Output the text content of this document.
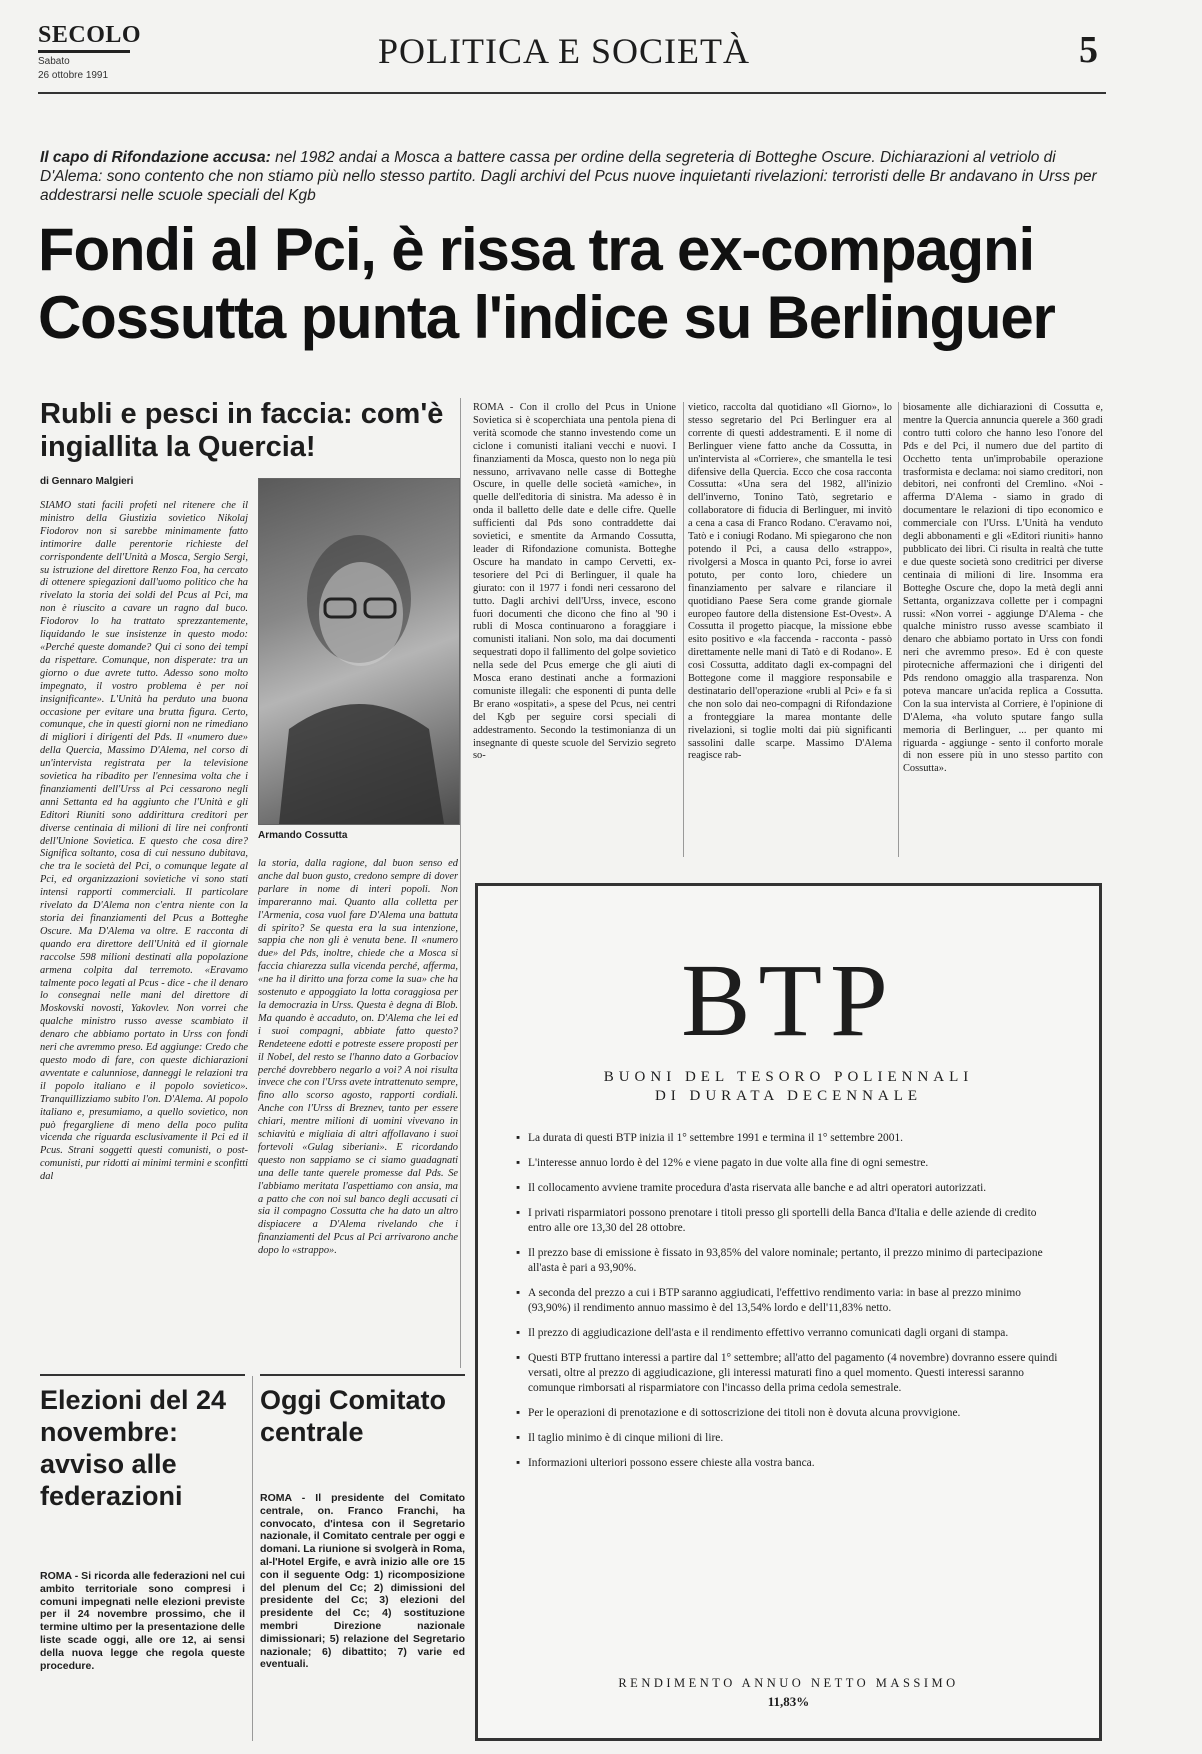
SECOLO
Sabato
26 ottobre 1991
POLITICA E SOCIETÀ	5
Il capo di Rifondazione accusa: nel 1982 andai a Mosca a battere cassa per ordine della segreteria di Botteghe Oscure. Dichiarazioni al vetriolo di D'Alema: sono contento che non stiamo più nello stesso partito. Dagli archivi del Pcus nuove inquietanti rivelazioni: terroristi delle Br andavano in Urss per addestrarsi nelle scuole speciali del Kgb
Fondi al Pci, è rissa tra ex-compagni
Cossutta punta l'indice su Berlinguer
Rubli e pesci in faccia: com'è ingiallita la Quercia!
di Gennaro Malgieri
SIAMO stati facili profeti nel ritenere che il ministro della Giustizia sovietico Nikolaj Fiodorov non si sarebbe minimamente fatto intimorire dalle perentorie richieste del corrispondente dell'Unità a Mosca, Sergio Sergi, su istruzione del direttore Renzo Foa, ha cercato di ottenere spiegazioni dall'uomo politico che ha rivelato la storia dei soldi del Pcus al Pci, ma non è riuscito a cavare un ragno dal buco. Fiodorov lo ha trattato sprezzantemente, liquidando le sue insistenze in questo modo: «Perché queste domande? Qui ci sono dei tempi da rispettare. Comunque, non disperate: tra un giorno o due avrete tutto. Adesso sono molto impegnato, il vostro problema è per noi insignificante». L'Unità ha perduto una buona occasione per evitare una brutta figura. Certo, comunque, che in questi giorni non ne rimediano di migliori i dirigenti del Pds. Il «numero due» della Quercia, Massimo D'Alema, nel corso di un'intervista registrata per la televisione sovietica ha ribadito per l'ennesima volta che i finanziamenti dell'Urss al Pci cessarono negli anni Settanta ed ha aggiunto che l'Unità e gli Editori Riuniti sono addirittura creditori per diverse centinaia di milioni di lire nei confronti dell'Unione Sovietica. E questo che cosa dire? Significa soltanto, cosa di cui nessuno dubitava, che tra le società del Pci, o comunque legate al Pci, ed organizzazioni sovietiche vi sono stati intensi rapporti commerciali. Il particolare rivelato da D'Alema non c'entra niente con la storia dei finanziamenti del Pcus a Botteghe Oscure. Ma D'Alema va oltre. E racconta di quando era direttore dell'Unità ed il giornale raccolse 598 milioni destinati alla popolazione armena colpita dal terremoto. «Eravamo talmente poco legati al Pcus - dice - che il denaro lo consegnai nelle mani del direttore di Moskovski novosti, Yakovlev. Non vorrei che qualche ministro russo avesse scambiato il denaro che abbiamo portato in Urss con fondi neri che avremmo preso. Ed aggiunge: Credo che questo modo di fare, con queste dichiarazioni avventate e calunniose, danneggi le relazioni tra il popolo italiano e il popolo sovietico». Tranquillizziamo subito l'on. D'Alema. Al popolo italiano e, presumiamo, a quello sovietico, non può fregargliene di meno della poco pulita vicenda che riguarda esclusivamente il Pci ed il Pcus. Strani soggetti questi comunisti, o post-comunisti, pur ridotti ai minimi termini e sconfitti dal
la storia, dalla ragione, dal buon senso ed anche dal buon gusto, credono sempre di dover parlare in nome di interi popoli. Non impareranno mai. Quanto alla colletta per l'Armenia, cosa vuol fare D'Alema una battuta di spirito? Se questa era la sua intenzione, sappia che non gli è venuta bene. Il «numero due» del Pds, inoltre, chiede che a Mosca si faccia chiarezza sulla vicenda perché, afferma, «ne ha il diritto una forza come la sua» che ha sostenuto e appoggiato la lotta coraggiosa per la democrazia in Urss. Questa è degna di Blob. Ma quando è accaduto, on. D'Alema che lei ed i suoi compagni, abbiate fatto questo? Rendeteene edotti e potreste essere proposti per il Nobel, del resto se l'hanno dato a Gorbaciov perché dovrebbero negarlo a voi? A noi risulta invece che con l'Urss avete intrattenuto sempre, fino allo scorso agosto, rapporti cordiali. Anche con l'Urss di Breznev, tanto per essere chiari, mentre milioni di uomini vivevano in schiavitù e migliaia di altri affollavano i suoi fortevoli «Gulag siberiani». E ricordando questo non sappiamo se ci siamo guadagnati una delle tante querele promesse dal Pds. Se l'abbiamo meritata l'aspettiamo con ansia, ma a patto che con noi sul banco degli accusati ci sia il compagno Cossutta che ha dato un altro dispiacere a D'Alema rivelando che i finanziamenti del Pcus al Pci arrivarono anche dopo lo «strappo».
Armando Cossutta
ROMA - Con il crollo del Pcus in Unione Sovietica si è scoperchiata una pentola piena di verità scomode che stanno investendo come un ciclone i comunisti italiani vecchi e nuovi. I finanziamenti da Mosca, questo non lo nega più nessuno, arrivavano nelle casse di Botteghe Oscure, in quelle delle società «amiche», in quelle dell'editoria di sinistra. Ma adesso è in onda il balletto delle date e delle cifre. Quelle sufficienti dal Pds sono contraddette dai sovietici, e smentite da Armando Cossutta, leader di Rifondazione comunista. Botteghe Oscure ha mandato in campo Cervetti, ex-tesoriere del Pci di Berlinguer, il quale ha giurato: con il 1977 i fondi neri cessarono del tutto. Dagli archivi dell'Urss, invece, escono fuori documenti che dicono che fino al '90 i rubli di Mosca continuarono a foraggiare i comunisti italiani. Non solo, ma dai documenti sequestrati dopo il fallimento del golpe sovietico nella sede del Pcus emerge che gli aiuti di Mosca erano destinati anche a formazioni comuniste illegali: che esponenti di punta delle Br erano «ospitati», a spese del Pcus, nei centri del Kgb per seguire corsi speciali di addestramento. Secondo la testimonianza di un insegnante di queste scuole del Servizio segreto so-
vietico, raccolta dal quotidiano «Il Giorno», lo stesso segretario del Pci Berlinguer era al corrente di questi addestramenti. E il nome di Berlinguer viene fatto anche da Cossutta, in un'intervista al «Corriere», che smantella le tesi difensive della Quercia. Ecco che cosa racconta Cossutta: «Una sera del 1982, all'inizio dell'inverno, Tonino Tatò, segretario e collaboratore di fiducia di Berlinguer, mi invitò a cena a casa di Franco Rodano. C'eravamo noi, Tatò e i coniugi Rodano. Mi spiegarono che non potendo il Pci, a causa dello «strappo», rivolgersi a Mosca in quanto Pci, forse io avrei potuto, per conto loro, chiedere un finanziamento per salvare e rilanciare il quotidiano Paese Sera come grande giornale europeo fautore della distensione Est-Ovest». A Cossutta il progetto piacque, la missione ebbe esito positivo e «la faccenda - racconta - passò direttamente nelle mani di Tatò e di Rodano». E così Cossutta, additato dagli ex-compagni del Bottegone come il maggiore responsabile e destinatario dell'operazione «rubli al Pci» e fa sì che non solo dai neo-compagni di Rifondazione a fronteggiare la marea montante delle rivelazioni, si toglie molti dai più significanti sassolini dalle scarpe. Massimo D'Alema reagisce rab-
biosamente alle dichiarazioni di Cossutta e, mentre la Quercia annuncia querele a 360 gradi contro tutti coloro che hanno leso l'onore del Pds e del Pci, il numero due del partito di Occhetto tenta un'improbabile operazione trasformista e declama: noi siamo creditori, non debitori, nei confronti del Cremlino. «Noi - afferma D'Alema - siamo in grado di documentare le relazioni di tipo economico e commerciale con l'Urss. L'Unità ha venduto degli abbonamenti e gli «Editori riuniti» hanno pubblicato dei libri. Ci risulta in realtà che tutte e due queste società sono creditrici per diverse centinaia di milioni di lire. Insomma era Botteghe Oscure che, dopo la metà degli anni Settanta, organizzava collette per i compagni russi: «Non vorrei - aggiunge D'Alema - che qualche ministro russo avesse scambiato il denaro che abbiamo portato in Urss con fondi neri che avremmo preso». Ed è con queste pirotecniche affermazioni che i dirigenti del Pds rendono omaggio alla trasparenza. Non poteva mancare un'acida replica a Cossutta. Con la sua intervista al Corriere, è l'opinione di D'Alema, «ha voluto sputare fango sulla memoria di Berlinguer, ... per quanto mi riguarda - aggiunge - sento il conforto morale di non essere più in uno stesso partito con Cossutta».
BTP
BUONI DEL TESORO POLIENNALI
DI DURATA DECENNALE
▪ La durata di questi BTP inizia il 1° settembre 1991 e termina il 1° settembre 2001.
▪ L'interesse annuo lordo è del 12% e viene pagato in due volte alla fine di ogni semestre.
▪ Il collocamento avviene tramite procedura d'asta riservata alle banche e ad altri operatori autorizzati.
▪ I privati risparmiatori possono prenotare i titoli presso gli sportelli della Banca d'Italia e delle aziende di credito entro alle ore 13,30 del 28 ottobre.
▪ Il prezzo base di emissione è fissato in 93,85% del valore nominale; pertanto, il prezzo minimo di partecipazione all'asta è pari a 93,90%.
▪ A seconda del prezzo a cui i BTP saranno aggiudicati, l'effettivo rendimento varia: in base al prezzo minimo (93,90%) il rendimento annuo massimo è del 13,54% lordo e dell'11,83% netto.
▪ Il prezzo di aggiudicazione dell'asta e il rendimento effettivo verranno comunicati dagli organi di stampa.
▪ Questi BTP fruttano interessi a partire dal 1° settembre; all'atto del pagamento (4 novembre) dovranno essere quindi versati, oltre al prezzo di aggiudicazione, gli interessi maturati fino a quel momento. Questi interessi saranno comunque rimborsati al risparmiatore con l'incasso della prima cedola semestrale.
▪ Per le operazioni di prenotazione e di sottoscrizione dei titoli non è dovuta alcuna provvigione.
▪ Il taglio minimo è di cinque milioni di lire.
▪ Informazioni ulteriori possono essere chieste alla vostra banca.
RENDIMENTO ANNUO NETTO MASSIMO
11,83%
Elezioni del 24 novembre: avviso alle federazioni
ROMA - Si ricorda alle federazioni nel cui ambito territoriale sono compresi i comuni impegnati nelle elezioni previste per il 24 novembre prossimo, che il termine ultimo per la presentazione delle liste scade oggi, alle ore 12, ai sensi della nuova legge che regola queste procedure.
Oggi Comitato centrale
ROMA - Il presidente del Comitato centrale, on. Franco Franchi, ha convocato, d'intesa con il Segretario nazionale, il Comitato centrale per oggi e domani. La riunione si svolgerà in Roma, al-l'Hotel Ergife, e avrà inizio alle ore 15 con il seguente Odg: 1) ricomposizione del plenum del Cc; 2) dimissioni del presidente del Cc; 3) elezioni del presidente del Cc; 4) sostituzione membri Direzione nazionale dimissionari; 5) relazione del Segretario nazionale; 6) dibattito; 7) varie ed eventuali.
